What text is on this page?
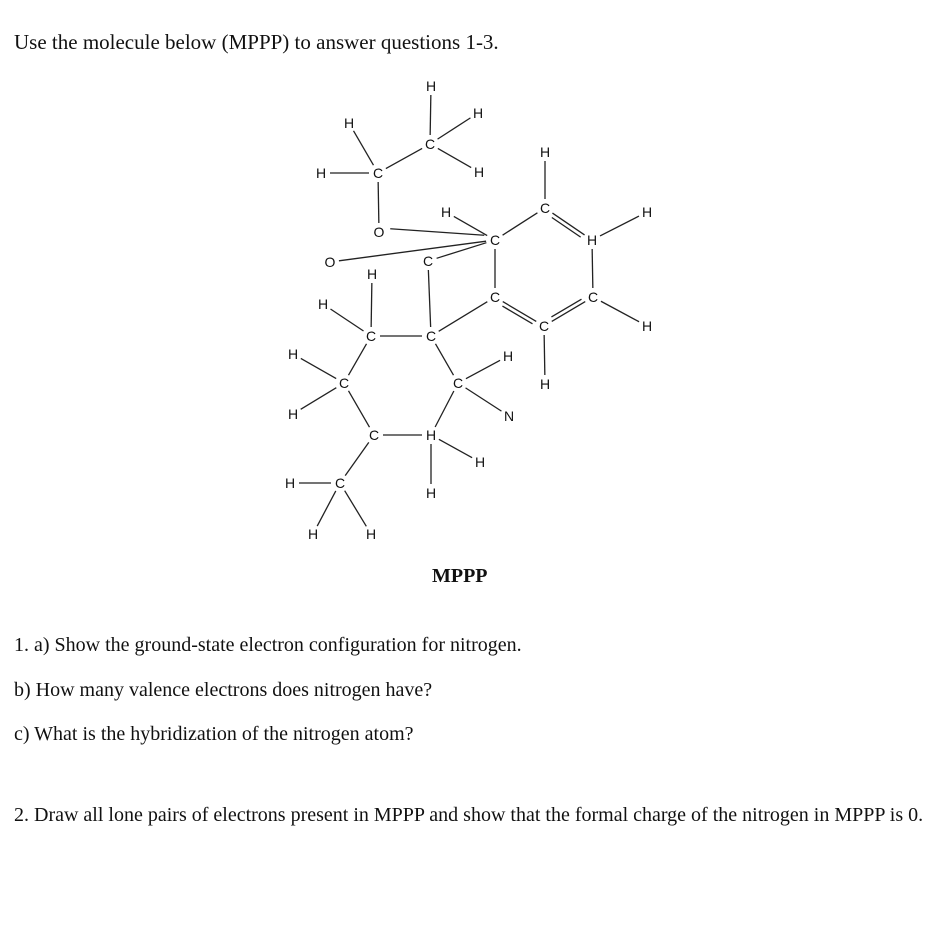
Use the molecule below (MPPP) to answer questions 1-3.

H
H
H
C
H
H	C
H
H
H
C
H
C
O
O	C
H
H	C	C
C	C
H
H
C
C	C	H
H
H	N
C	H
C
H
H
H	H
H

MPPP

1. a) Show the ground-state electron configuration for nitrogen.

b) How many valence electrons does nitrogen have?

c) What is the hybridization of the nitrogen atom?

2. Draw all lone pairs of electrons present in MPPP and show that the formal charge of the nitrogen in MPPP is 0.
